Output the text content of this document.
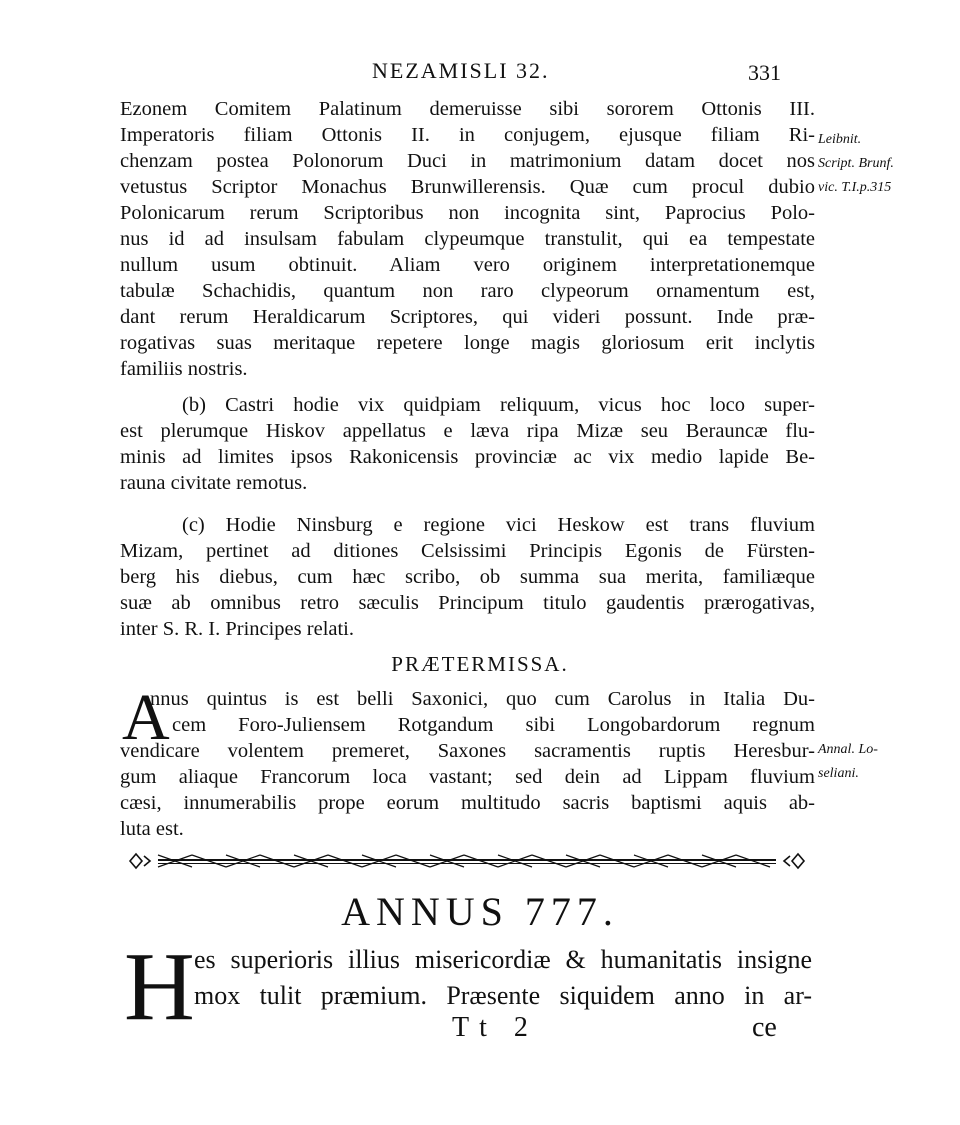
NEZAMISLI 32.	331
Ezonem Comitem Palatinum demeruisse sibi sororem Ottonis III.
Imperatoris filiam Ottonis II. in conjugem, ejusque filiam Ri-
chenzam postea Polonorum Duci in matrimonium datam docet nos
vetustus Scriptor Monachus Brunwillerensis. Quæ cum procul dubio
Polonicarum rerum Scriptoribus non incognita sint, Paprocius Polo-
nus id ad insulsam fabulam clypeumque transtulit, qui ea tempestate
nullum usum obtinuit. Aliam vero originem interpretationemque
tabulæ Schachidis, quantum non raro clypeorum ornamentum est,
dant rerum Heraldicarum Scriptores, qui videri possunt. Inde præ-
rogativas suas meritaque repetere longe magis gloriosum erit inclytis
familiis nostris.
Leibnit.
Script. Brunf.
vic. T.I.p.315
(b) Castri hodie vix quidpiam reliquum, vicus hoc loco super-
est plerumque Hiskov appellatus e læva ripa Mizæ seu Berauncæ flu-
minis ad limites ipsos Rakonicensis provinciæ ac vix medio lapide Be-
rauna civitate remotus.
(c) Hodie Ninsburg e regione vici Heskow est trans fluvium
Mizam, pertinet ad ditiones Celsissimi Principis Egonis de Fürsten-
berg his diebus, cum hæc scribo, ob summa sua merita, familiæque
suæ ab omnibus retro sæculis Principum titulo gaudentis prærogativas,
inter S. R. I. Principes relati.
PRÆTERMISSA.
A
nnus quintus is est belli Saxonici, quo cum Carolus in Italia Du-
cem Foro-Juliensem Rotgandum sibi Longobardorum regnum
vendicare volentem premeret, Saxones sacramentis ruptis Heresbur-
gum aliaque Francorum loca vastant; sed dein ad Lippam fluvium
cæsi, innumerabilis prope eorum multitudo sacris baptismi aquis ab-
luta est.
Annal. Lo-
seliani.
ANNUS 777.
H es superioris illius misericordiæ & humanitatis insigne
mox tulit præmium. Præsente siquidem anno in ar-
Tt 2	ce
